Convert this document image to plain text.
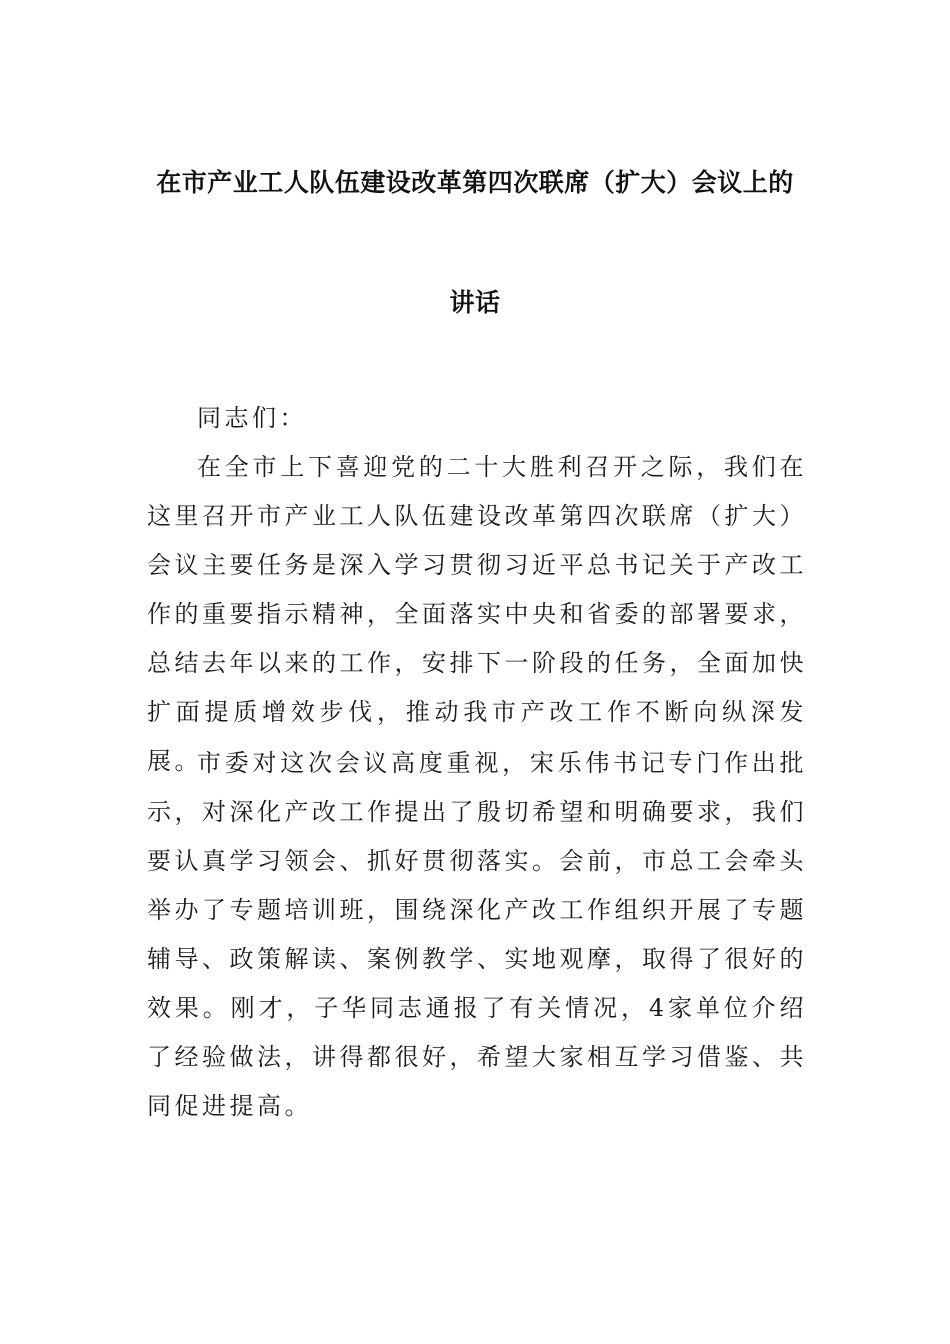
在市产业工人队伍建设改革第四次联席（扩大）会议上的
讲话
同志们：

在全市上下喜迎党的二十大胜利召开之际，我们在这里召开市产业工人队伍建设改革第四次联席（扩大）会议主要任务是深入学习贯彻习近平总书记关于产改工作的重要指示精神，全面落实中央和省委的部署要求，总结去年以来的工作，安排下一阶段的任务，全面加快扩面提质增效步伐，推动我市产改工作不断向纵深发展。

市委对这次会议高度重视，宋乐伟书记专门作出批示，对深化产改工作提出了殷切希望和明确要求，我们要认真学习领会、抓好贯彻落实。会前，市总工会牵头举办了专题培训班，围绕深化产改工作组织开展了专题辅导、政策解读、案例教学、实地观摩，取得了很好的效果。刚才，子华同志通报了有关情况，4家单位介绍了经验做法，讲得都很好，希望大家相互学习借鉴、共同促进提高。
